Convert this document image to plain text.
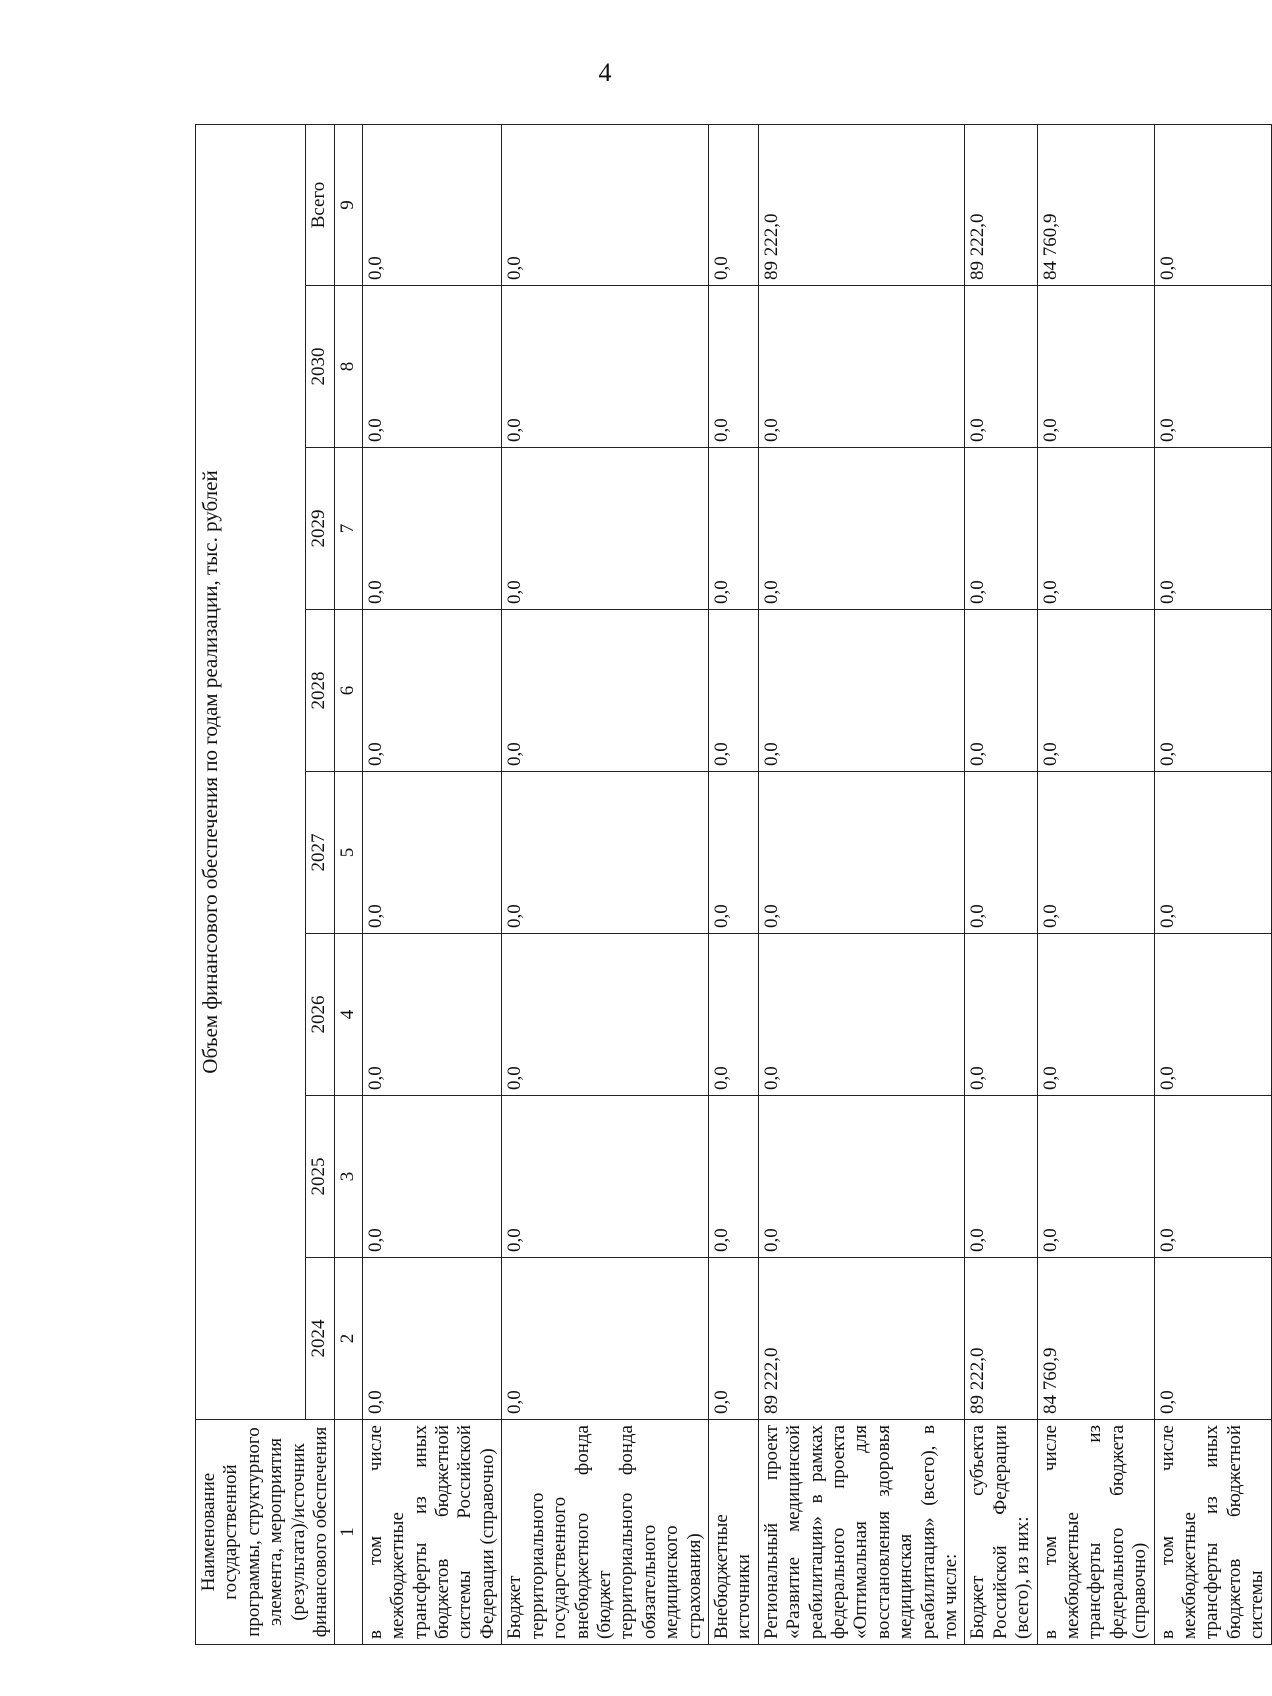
4
Наименование государственной программы, структурного элемента, мероприятия (результата)/источник финансового обеспечения	Объем финансового обеспечения по годам реализации, тыс. рублей							
	2024	2025	2026	2027	2028	2029	2030	Всего
1	2	3	4	5	6	7	8	9
в том числе межбюджетные трансферты из иных бюджетов бюджетной системы Российской Федерации (справочно)	0,0	0,0	0,0	0,0	0,0	0,0	0,0	0,0
Бюджет территориального государственного внебюджетного фонда (бюджет территориального фонда обязательного медицинского страхования)	0,0	0,0	0,0	0,0	0,0	0,0	0,0	0,0
Внебюджетные источники	0,0	0,0	0,0	0,0	0,0	0,0	0,0	0,0
Региональный проект «Развитие медицинской реабилитации» в рамках федерального проекта «Оптимальная для восстановления здоровья медицинская реабилитация» (всего), в том числе:	89 222,0	0,0	0,0	0,0	0,0	0,0	0,0	89 222,0
Бюджет субъекта Российской Федерации (всего), из них:	89 222,0	0,0	0,0	0,0	0,0	0,0	0,0	89 222,0
в том числе межбюджетные трансферты из федерального бюджета (справочно)	84 760,9	0,0	0,0	0,0	0,0	0,0	0,0	84 760,9
в том числе межбюджетные трансферты из иных бюджетов бюджетной системы	0,0	0,0	0,0	0,0	0,0	0,0	0,0	0,0
